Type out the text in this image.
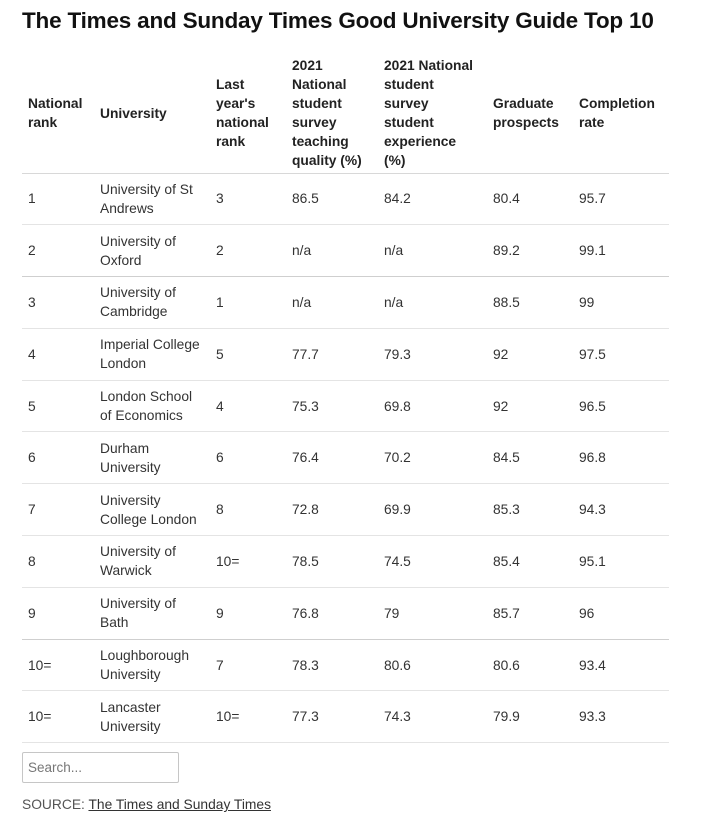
The Times and Sunday Times Good University Guide Top 10
National rank	University	Last year's national rank	2021 National student survey teaching quality (%)	2021 National student survey student experience (%)	Graduate prospects	Completion rate
1	University of St Andrews	3	86.5	84.2	80.4	95.7
2	University of Oxford	2	n/a	n/a	89.2	99.1
3	University of Cambridge	1	n/a	n/a	88.5	99
4	Imperial College London	5	77.7	79.3	92	97.5
5	London School of Economics	4	75.3	69.8	92	96.5
6	Durham University	6	76.4	70.2	84.5	96.8
7	University College London	8	72.8	69.9	85.3	94.3
8	University of Warwick	10=	78.5	74.5	85.4	95.1
9	University of Bath	9	76.8	79	85.7	96
10=	Loughborough University	7	78.3	80.6	80.6	93.4
10=	Lancaster University	10=	77.3	74.3	79.9	93.3
Search...
SOURCE: The Times and Sunday Times
